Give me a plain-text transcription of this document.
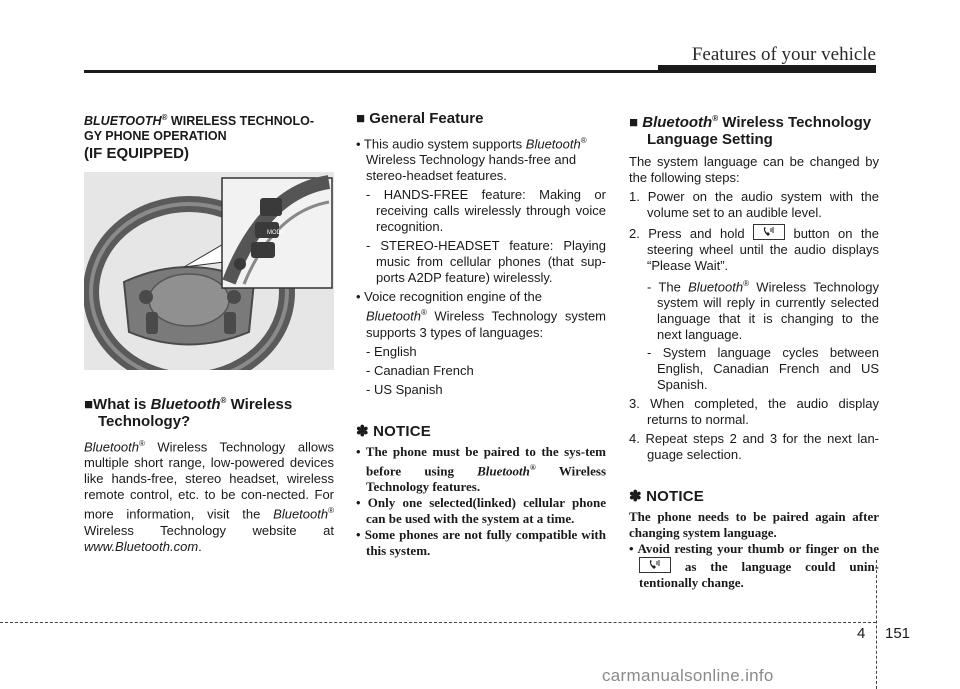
Features of your vehicle
BLUETOOTH® WIRELESS TECHNOLO-
GY PHONE OPERATION
(IF EQUIPPED)
MODE
■What is Bluetooth® Wireless
Technology?

Bluetooth® Wireless Technology allows multiple short range, low-powered devices like hands-free, stereo headset, wireless remote control, etc. to be con-nected. For more information, visit the Bluetooth® Wireless Technology website at www.Bluetooth.com.

■ General Feature

• This audio system supports Bluetooth®
Wireless Technology hands-free and stereo-headset features.

- HANDS-FREE feature: Making or receiving calls wirelessly through voice recognition.

- STEREO-HEADSET feature: Playing music from cellular phones (that sup-ports A2DP feature) wirelessly.

• Voice recognition engine of the
Bluetooth® Wireless Technology system supports 3 types of languages:

- English

- Canadian French

- US Spanish

✽ NOTICE

• The phone must be paired to the sys-tem before using Bluetooth® Wireless Technology features.

• Only one selected(linked) cellular phone can be used with the system at a time.

• Some phones are not fully compatible with this system.

■ Bluetooth® Wireless Technology
Language Setting

The system language can be changed by the following steps:

1. Power on the audio system with the volume set to an audible level.

2. Press and hold
button on the steering wheel until the audio displays “Please Wait”.

- The Bluetooth® Wireless Technology system will reply in currently selected language that it is changing to the next language.

- System language cycles between English, Canadian French and US Spanish.

3. When completed, the audio display returns to normal.

4. Repeat steps 2 and 3 for the next lan-guage selection.

✽ NOTICE

The phone needs to be paired again after changing system language.

• Avoid resting your thumb or finger on the
as the language could unin-tentionally change.

4 151
carmanualsonline.info
